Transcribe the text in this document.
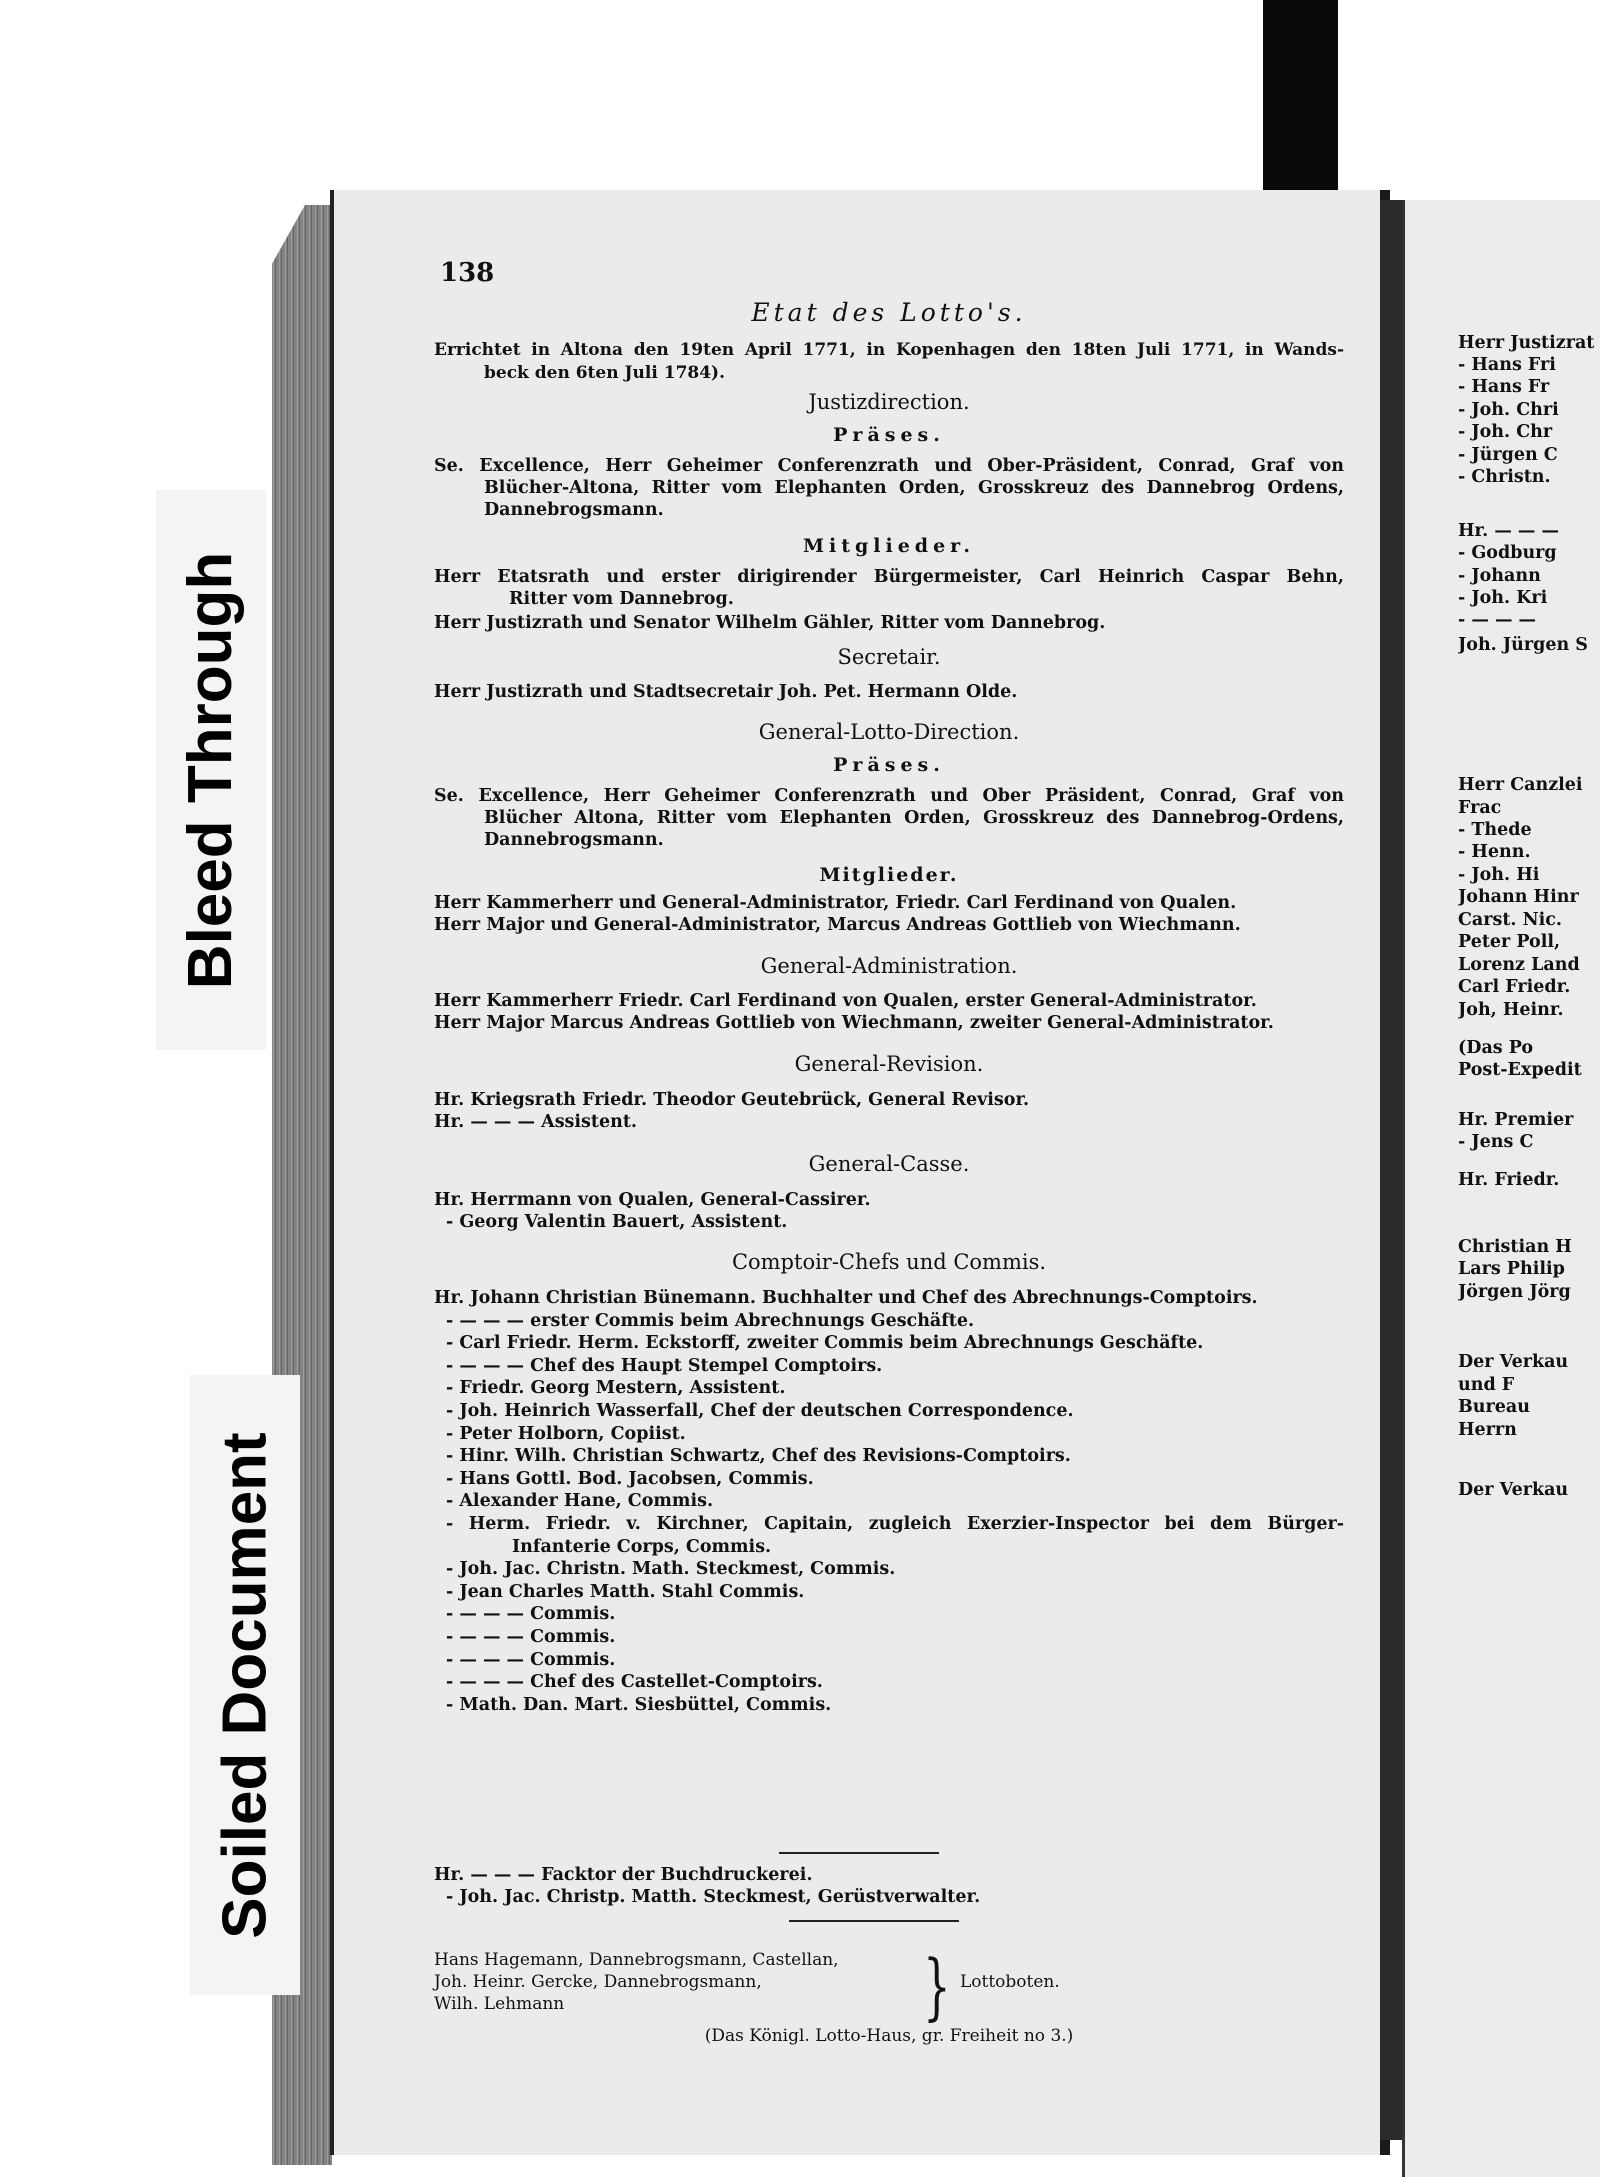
138
Etat des Lotto's.
Errichtet in Altona den 19ten April 1771, in Kopenhagen den 18ten Juli 1771, in Wands-
beck den 6ten Juli 1784).
Justizdirection.
Präses.
Se. Excellence, Herr Geheimer Conferenzrath und Ober-Präsident, Conrad, Graf von
Blücher-Altona, Ritter vom Elephanten Orden, Grosskreuz des Dannebrog Ordens,
Dannebrogsmann.
Mitglieder.
Herr Etatsrath und erster dirigirender Bürgermeister, Carl Heinrich Caspar Behn,
Ritter vom Dannebrog.
Herr Justizrath und Senator Wilhelm Gähler, Ritter vom Dannebrog.
Secretair.
Herr Justizrath und Stadtsecretair Joh. Pet. Hermann Olde.
General-Lotto-Direction.
Präses.
Se. Excellence, Herr Geheimer Conferenzrath und Ober Präsident, Conrad, Graf von
Blücher Altona, Ritter vom Elephanten Orden, Grosskreuz des Dannebrog-Ordens,
Dannebrogsmann.
Mitglieder.
Herr Kammerherr und General-Administrator, Friedr. Carl Ferdinand von Qualen.
Herr Major und General-Administrator, Marcus Andreas Gottlieb von Wiechmann.
General-Administration.
Herr Kammerherr Friedr. Carl Ferdinand von Qualen, erster General-Administrator.
Herr Major Marcus Andreas Gottlieb von Wiechmann, zweiter General-Administrator.
General-Revision.
Hr. Kriegsrath Friedr. Theodor Geutebrück, General Revisor.
Hr. — — — Assistent.
General-Casse.
Hr. Herrmann von Qualen, General-Cassirer.
- Georg Valentin Bauert, Assistent.
Comptoir-Chefs und Commis.
Hr. — — — Facktor der Buchdruckerei.
- Joh. Jac. Christp. Matth. Steckmest, Gerüstverwalter.
Hans Hagemann, Dannebrogsmann, Castellan,
Joh. Heinr. Gercke, Dannebrogsmann,
Wilh. Lehmann	} Lottoboten.
(Das Königl. Lotto-Haus, gr. Freiheit no 3.)
Hr. Johann Christian Bünemann. Buchhalter und Chef des Abrechnungs-Comptoirs.
- — — — erster Commis beim Abrechnungs Geschäfte.
- Carl Friedr. Herm. Eckstorff, zweiter Commis beim Abrechnungs Geschäfte.
- — — — Chef des Haupt Stempel Comptoirs.
- Friedr. Georg Mestern, Assistent.
- Joh. Heinrich Wasserfall, Chef der deutschen Correspondence.
- Peter Holborn, Copiist.
- Hinr. Wilh. Christian Schwartz, Chef des Revisions-Comptoirs.
- Hans Gottl. Bod. Jacobsen, Commis.
- Alexander Hane, Commis.
- Herm. Friedr. v. Kirchner, Capitain, zugleich Exerzier-Inspector bei dem Bürger-
Infanterie Corps, Commis.
- Joh. Jac. Christn. Math. Steckmest, Commis.
- Jean Charles Matth. Stahl Commis.
- — — — Commis.
- — — — Commis.
- — — — Commis.
- — — — Chef des Castellet-Comptoirs.
- Math. Dan. Mart. Siesbüttel, Commis.
Bleed Through
Soiled Document
Herr Justizrat
- Hans Fri
- Hans Fr
- Joh. Chri
- Joh. Chr
- Jürgen C
- Christn.
Hr. — — —
- Godburg
- Johann
- Joh. Kri
- — — —
Joh. Jürgen S
Herr Canzlei
Frac
- Thede
- Henn.
- Joh. Hi
Johann Hinr
Carst. Nic.
Peter Poll,
Lorenz Land
Carl Friedr.
Joh, Heinr.
(Das Po
Post-Expedit
Hr. Premier
- Jens C
Hr. Friedr.
Christian H
Lars Philip
Jörgen Jörg
Der Verkau
und F
Bureau
Herrn
Der Verkau
